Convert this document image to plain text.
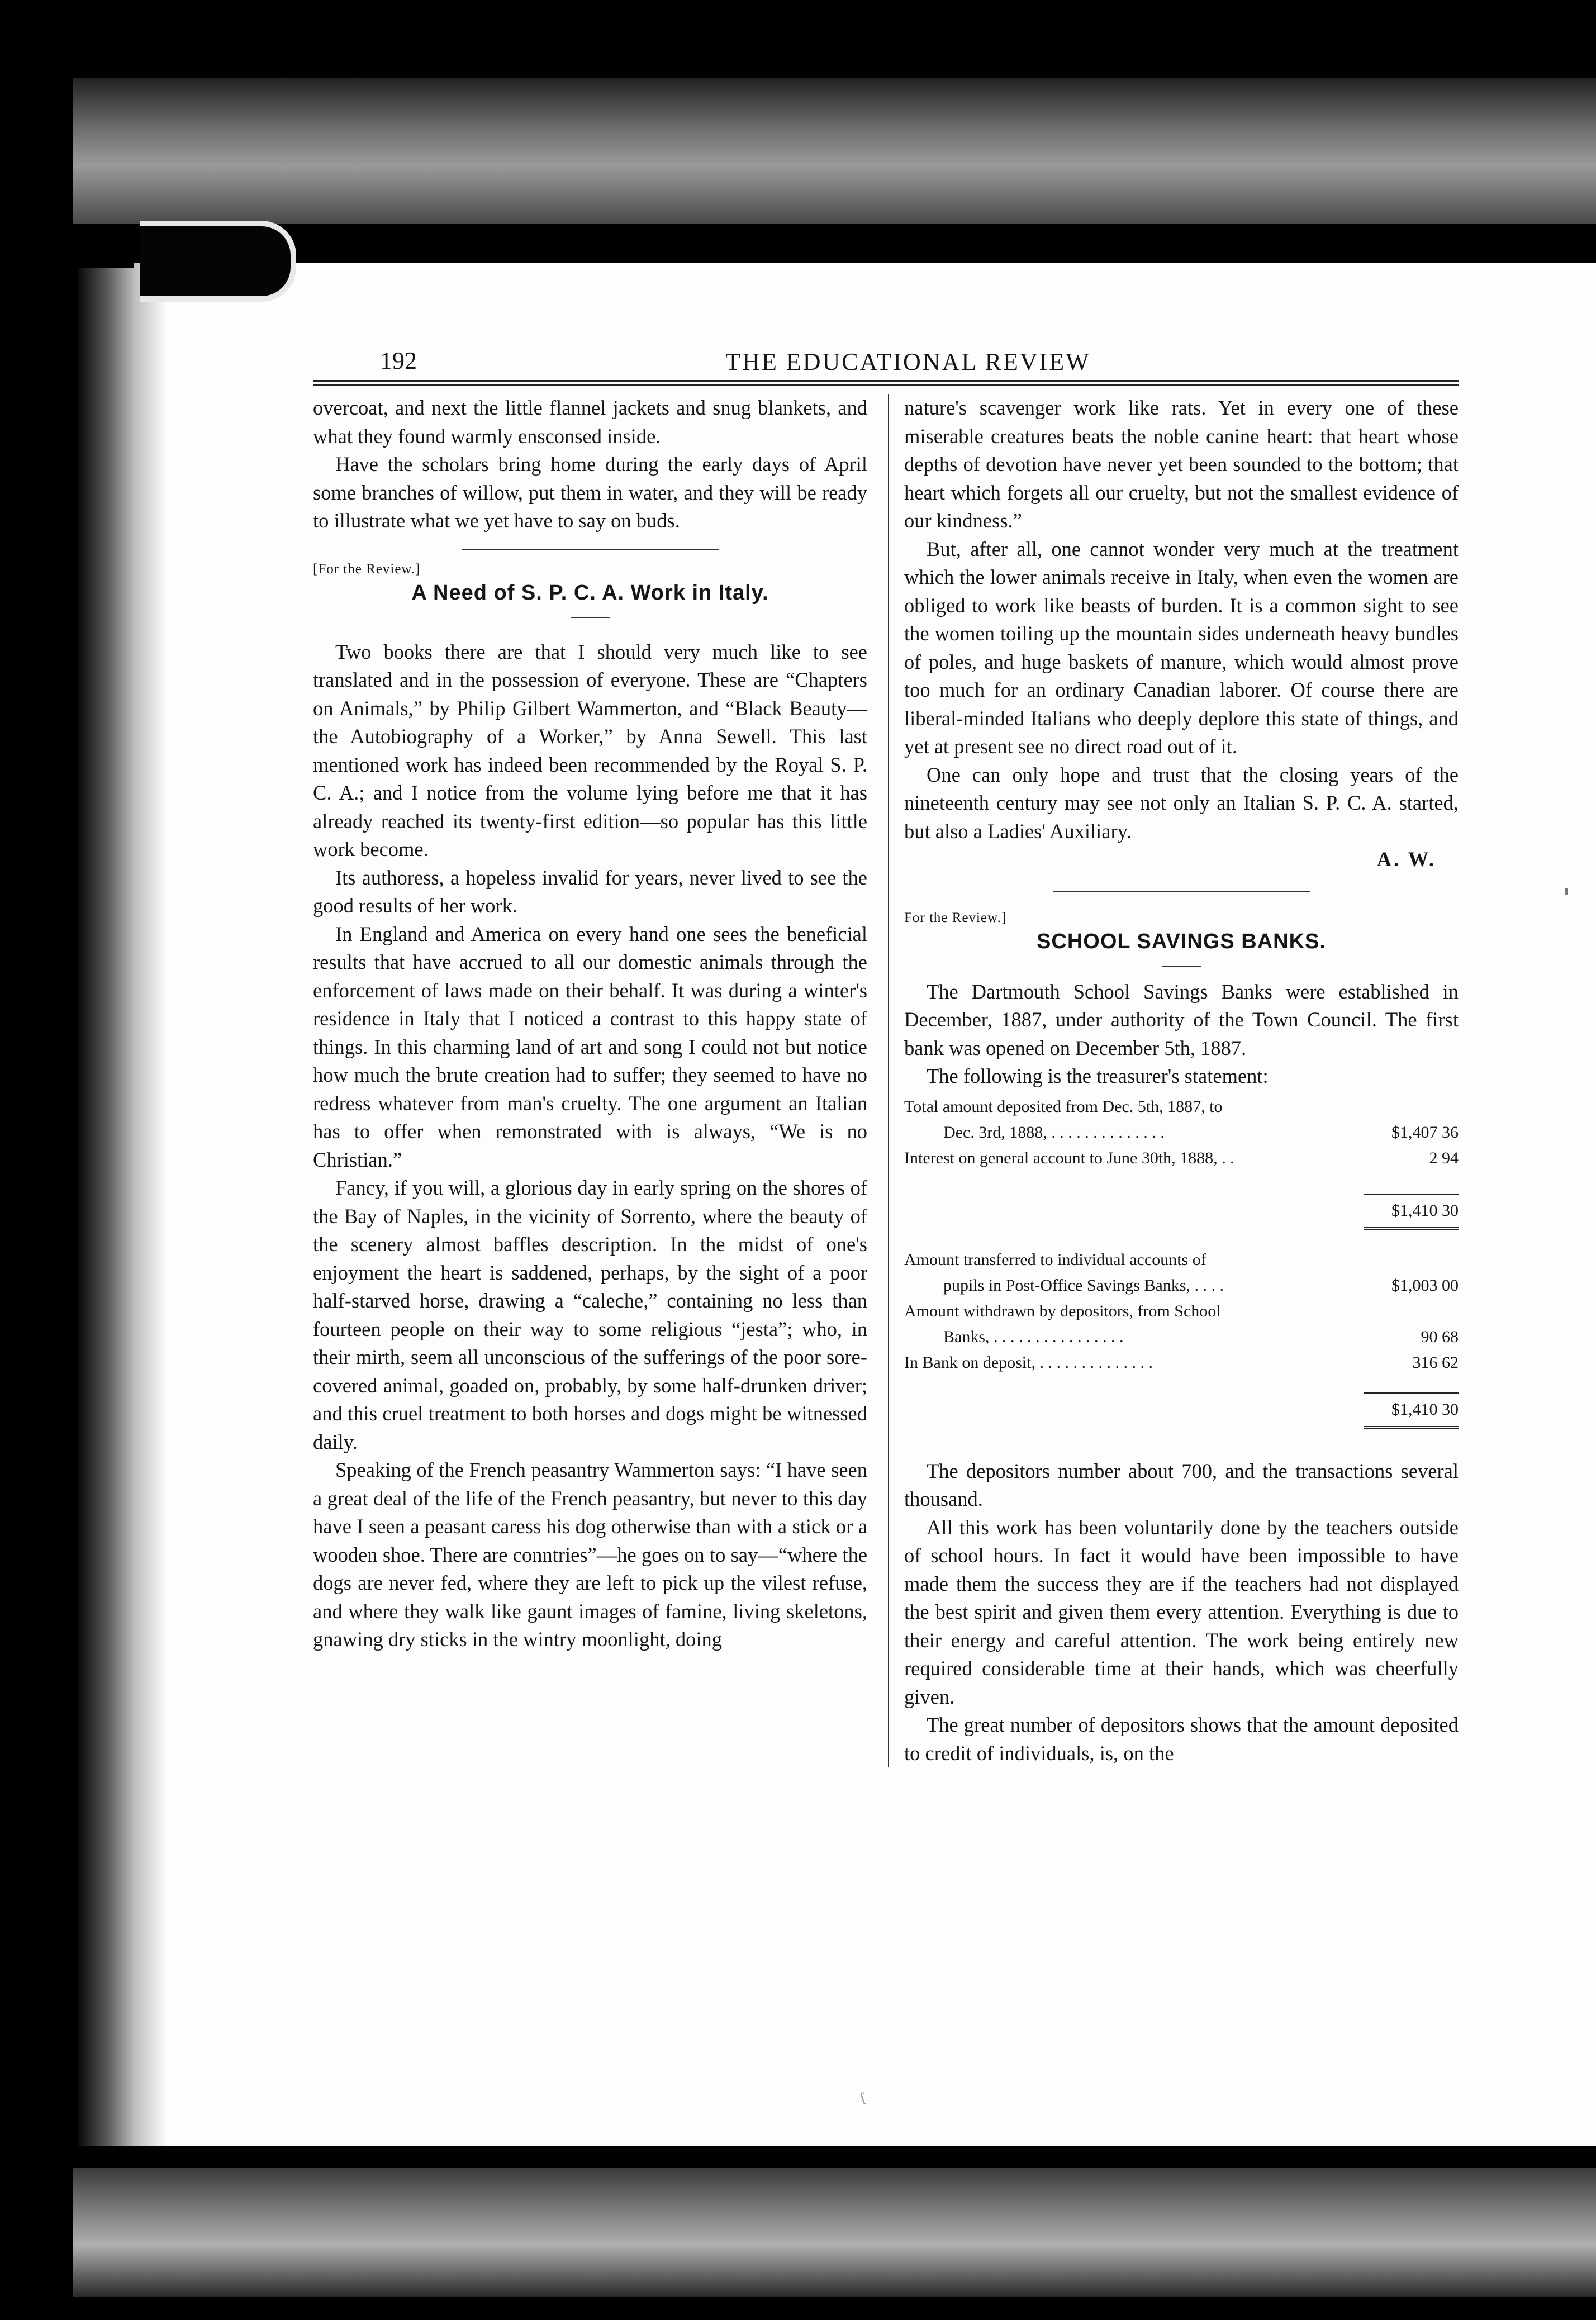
192	THE EDUCATIONAL REVIEW

overcoat, and next the little flannel jackets and snug blankets, and what they found warmly ensconsed inside.

Have the scholars bring home during the early days of April some branches of willow, put them in water, and they will be ready to illustrate what we yet have to say on buds.

[For the Review.]
A Need of S. P. C. A. Work in Italy.

Two books there are that I should very much like to see translated and in the possession of everyone. These are “Chapters on Animals,” by Philip Gilbert Wammerton, and “Black Beauty—the Autobiography of a Worker,” by Anna Sewell. This last mentioned work has indeed been recommended by the Royal S. P. C. A.; and I notice from the volume lying before me that it has already reached its twenty-first edition—so popular has this little work become.

Its authoress, a hopeless invalid for years, never lived to see the good results of her work.

In England and America on every hand one sees the beneficial results that have accrued to all our domestic animals through the enforcement of laws made on their behalf. It was during a winter's residence in Italy that I noticed a contrast to this happy state of things. In this charming land of art and song I could not but notice how much the brute creation had to suffer; they seemed to have no redress whatever from man's cruelty. The one argument an Italian has to offer when remonstrated with is always, “We is no Christian.”

Fancy, if you will, a glorious day in early spring on the shores of the Bay of Naples, in the vicinity of Sorrento, where the beauty of the scenery almost baffles description. In the midst of one's enjoyment the heart is saddened, perhaps, by the sight of a poor half-starved horse, drawing a “caleche,” containing no less than fourteen people on their way to some religious “jesta”; who, in their mirth, seem all unconscious of the sufferings of the poor sore-covered animal, goaded on, probably, by some half-drunken driver; and this cruel treatment to both horses and dogs might be witnessed daily.

Speaking of the French peasantry Wammerton says: “I have seen a great deal of the life of the French peasantry, but never to this day have I seen a peasant caress his dog otherwise than with a stick or a wooden shoe. There are conntries”—he goes on to say—“where the dogs are never fed, where they are left to pick up the vilest refuse, and where they walk like gaunt images of famine, living skeletons, gnawing dry sticks in the wintry moonlight, doing

nature's scavenger work like rats. Yet in every one of these miserable creatures beats the noble canine heart: that heart whose depths of devotion have never yet been sounded to the bottom; that heart which forgets all our cruelty, but not the smallest evidence of our kindness.”

But, after all, one cannot wonder very much at the treatment which the lower animals receive in Italy, when even the women are obliged to work like beasts of burden. It is a common sight to see the women toiling up the mountain sides underneath heavy bundles of poles, and huge baskets of manure, which would almost prove too much for an ordinary Canadian laborer. Of course there are liberal-minded Italians who deeply deplore this state of things, and yet at present see no direct road out of it.

One can only hope and trust that the closing years of the nineteenth century may see not only an Italian S. P. C. A. started, but also a Ladies' Auxiliary.

A. W.
For the Review.]
SCHOOL SAVINGS BANKS.

The Dartmouth School Savings Banks were established in December, 1887, under authority of the Town Council. The first bank was opened on December 5th, 1887.

The following is the treasurer's statement:

Total amount deposited from Dec. 5th, 1887, to
Dec. 3rd, 1888, . . . . . . . . . . . . . .	$1,407 36
Interest on general account to June 30th, 1888, . .	2 94
$1,410 30
Amount transferred to individual accounts of
pupils in Post-Office Savings Banks, . . . .	$1,003 00
Amount withdrawn by depositors, from School
Banks, . . . . . . . . . . . . . . . .	90 68
In Bank on deposit, . . . . . . . . . . . . . .	316 62
$1,410 30

The depositors number about 700, and the transactions several thousand.

All this work has been voluntarily done by the teachers outside of school hours. In fact it would have been impossible to have made them the success they are if the teachers had not displayed the best spirit and given them every attention. Everything is due to their energy and careful attention. The work being entirely new required considerable time at their hands, which was cheerfully given.

The great number of depositors shows that the amount deposited to credit of individuals, is, on the

ſ
